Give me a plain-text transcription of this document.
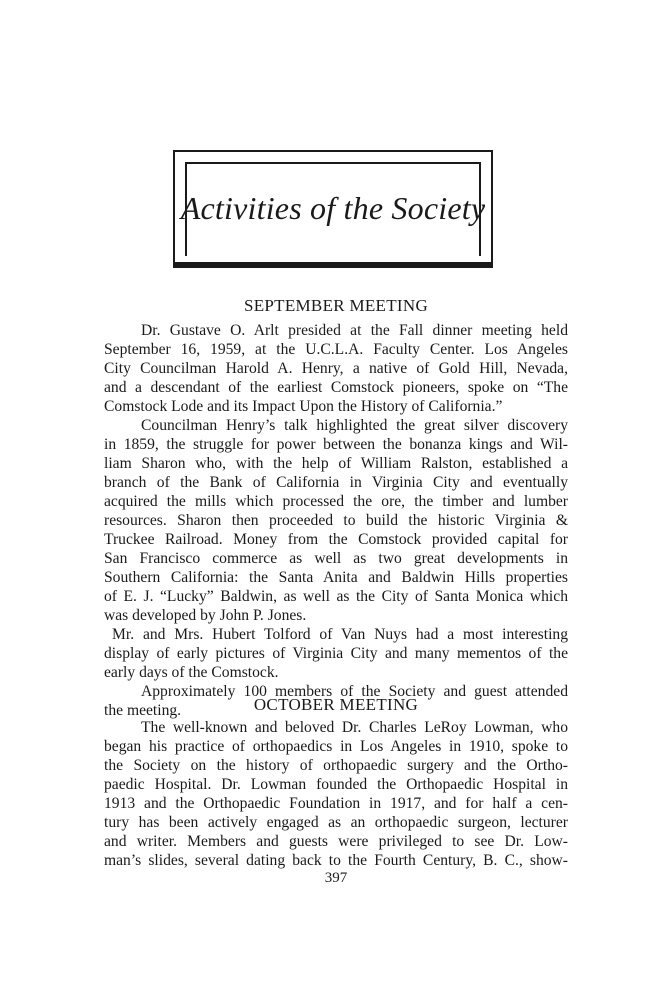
Activities of the Society
SEPTEMBER MEETING
Dr. Gustave O. Arlt presided at the Fall dinner meeting held
September 16, 1959, at the U.C.L.A. Faculty Center. Los Angeles
City Councilman Harold A. Henry, a native of Gold Hill, Nevada,
and a descendant of the earliest Comstock pioneers, spoke on “The
Comstock Lode and its Impact Upon the History of California.”
Councilman Henry’s talk highlighted the great silver discovery
in 1859, the struggle for power between the bonanza kings and Wil-
liam Sharon who, with the help of William Ralston, established a
branch of the Bank of California in Virginia City and eventually
acquired the mills which processed the ore, the timber and lumber
resources. Sharon then proceeded to build the historic Virginia &
Truckee Railroad. Money from the Comstock provided capital for
San Francisco commerce as well as two great developments in
Southern California: the Santa Anita and Baldwin Hills properties
of E. J. “Lucky” Baldwin, as well as the City of Santa Monica which
was developed by John P. Jones.
Mr. and Mrs. Hubert Tolford of Van Nuys had a most interesting
display of early pictures of Virginia City and many mementos of the
early days of the Comstock.
Approximately 100 members of the Society and guest attended
the meeting.	OCTOBER MEETING
The well-known and beloved Dr. Charles LeRoy Lowman, who
began his practice of orthopaedics in Los Angeles in 1910, spoke to
the Society on the history of orthopaedic surgery and the Ortho-
paedic Hospital. Dr. Lowman founded the Orthopaedic Hospital in
1913 and the Orthopaedic Foundation in 1917, and for half a cen-
tury has been actively engaged as an orthopaedic surgeon, lecturer
and writer. Members and guests were privileged to see Dr. Low-
man’s slides, several dating back to the Fourth Century, B. C., show-
397
